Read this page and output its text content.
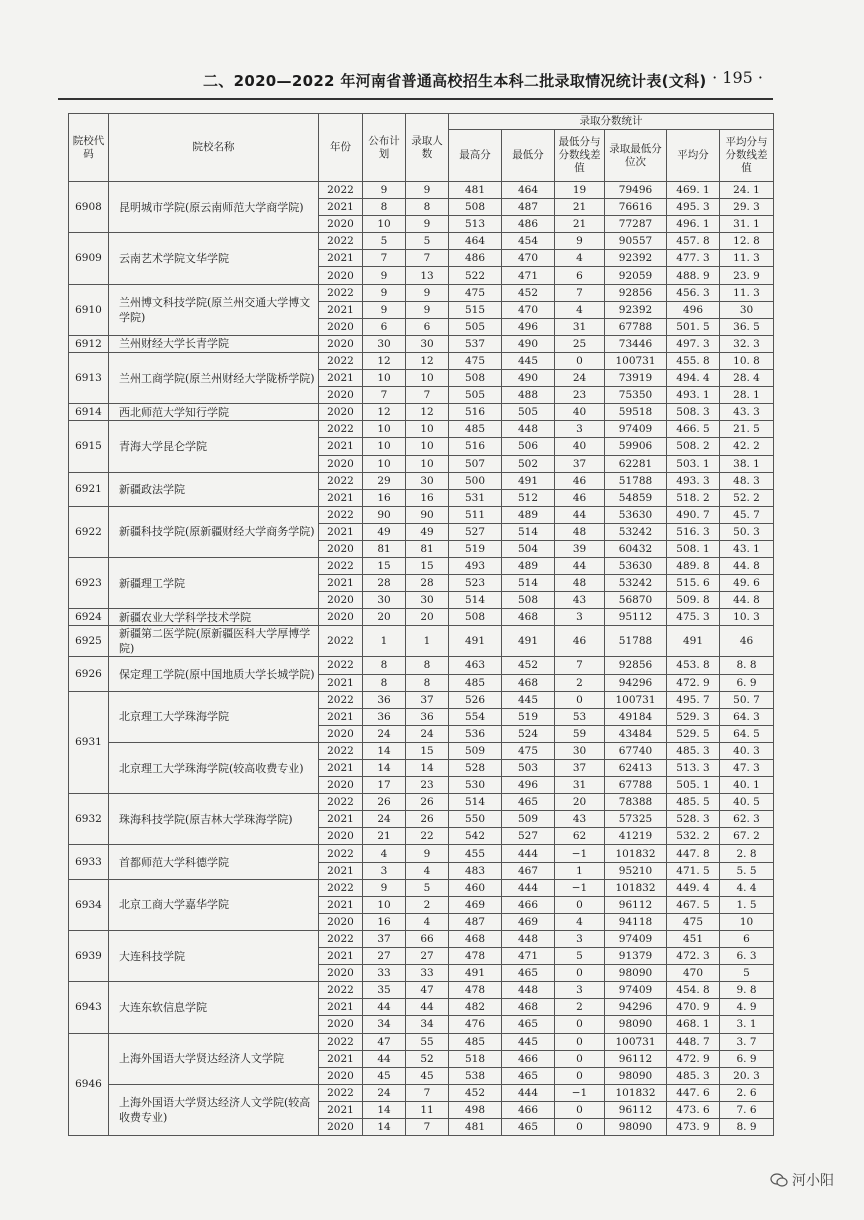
二、2020—2022 年河南省普通高校招生本科二批录取情况统计表(文科) · 195 ·
院校代码	院校名称	年份	公布计划	录取人数	录取分数统计					
					最高分	最低分	最低分与分数线差值	录取最低分位次	平均分	平均分与分数线差值
6908	昆明城市学院(原云南师范大学商学院)	2022	9	9	481	464	19	79496	469. 1	24. 1
		2021	8	8	508	487	21	76616	495. 3	29. 3
		2020	10	9	513	486	21	77287	496. 1	31. 1
6909	云南艺术学院文华学院	2022	5	5	464	454	9	90557	457. 8	12. 8
		2021	7	7	486	470	4	92392	477. 3	11. 3
		2020	9	13	522	471	6	92059	488. 9	23. 9
6910	兰州博文科技学院(原兰州交通大学博文学院)	2022	9	9	475	452	7	92856	456. 3	11. 3
		2021	9	9	515	470	4	92392	496	30
		2020	6	6	505	496	31	67788	501. 5	36. 5
6912	兰州财经大学长青学院	2020	30	30	537	490	25	73446	497. 3	32. 3
6913	兰州工商学院(原兰州财经大学陇桥学院)	2022	12	12	475	445	0	100731	455. 8	10. 8
		2021	10	10	508	490	24	73919	494. 4	28. 4
		2020	7	7	505	488	23	75350	493. 1	28. 1
6914	西北师范大学知行学院	2020	12	12	516	505	40	59518	508. 3	43. 3
6915	青海大学昆仑学院	2022	10	10	485	448	3	97409	466. 5	21. 5
		2021	10	10	516	506	40	59906	508. 2	42. 2
		2020	10	10	507	502	37	62281	503. 1	38. 1
6921	新疆政法学院	2022	29	30	500	491	46	51788	493. 3	48. 3
		2021	16	16	531	512	46	54859	518. 2	52. 2
6922	新疆科技学院(原新疆财经大学商务学院)	2022	90	90	511	489	44	53630	490. 7	45. 7
		2021	49	49	527	514	48	53242	516. 3	50. 3
		2020	81	81	519	504	39	60432	508. 1	43. 1
6923	新疆理工学院	2022	15	15	493	489	44	53630	489. 8	44. 8
		2021	28	28	523	514	48	53242	515. 6	49. 6
		2020	30	30	514	508	43	56870	509. 8	44. 8
6924	新疆农业大学科学技术学院	2020	20	20	508	468	3	95112	475. 3	10. 3
6925	新疆第二医学院(原新疆医科大学厚博学院)	2022	1	1	491	491	46	51788	491	46
6926	保定理工学院(原中国地质大学长城学院)	2022	8	8	463	452	7	92856	453. 8	8. 8
		2021	8	8	485	468	2	94296	472. 9	6. 9
6931	北京理工大学珠海学院	2022	36	37	526	445	0	100731	495. 7	50. 7
		2021	36	36	554	519	53	49184	529. 3	64. 3
		2020	24	24	536	524	59	43484	529. 5	64. 5
	北京理工大学珠海学院(较高收费专业)	2022	14	15	509	475	30	67740	485. 3	40. 3
		2021	14	14	528	503	37	62413	513. 3	47. 3
		2020	17	23	530	496	31	67788	505. 1	40. 1
6932	珠海科技学院(原吉林大学珠海学院)	2022	26	26	514	465	20	78388	485. 5	40. 5
		2021	24	26	550	509	43	57325	528. 3	62. 3
		2020	21	22	542	527	62	41219	532. 2	67. 2
6933	首都师范大学科德学院	2022	4	9	455	444	−1	101832	447. 8	2. 8
		2021	3	4	483	467	1	95210	471. 5	5. 5
6934	北京工商大学嘉华学院	2022	9	5	460	444	−1	101832	449. 4	4. 4
		2021	10	2	469	466	0	96112	467. 5	1. 5
		2020	16	4	487	469	4	94118	475	10
6939	大连科技学院	2022	37	66	468	448	3	97409	451	6
		2021	27	27	478	471	5	91379	472. 3	6. 3
		2020	33	33	491	465	0	98090	470	5
6943	大连东软信息学院	2022	35	47	478	448	3	97409	454. 8	9. 8
		2021	44	44	482	468	2	94296	470. 9	4. 9
		2020	34	34	476	465	0	98090	468. 1	3. 1
6946	上海外国语大学贤达经济人文学院	2022	47	55	485	445	0	100731	448. 7	3. 7
		2021	44	52	518	466	0	96112	472. 9	6. 9
		2020	45	45	538	465	0	98090	485. 3	20. 3
	上海外国语大学贤达经济人文学院(较高收费专业)	2022	24	7	452	444	−1	101832	447. 6	2. 6
		2021	14	11	498	466	0	96112	473. 6	7. 6
		2020	14	7	481	465	0	98090	473. 9	8. 9
河小阳
